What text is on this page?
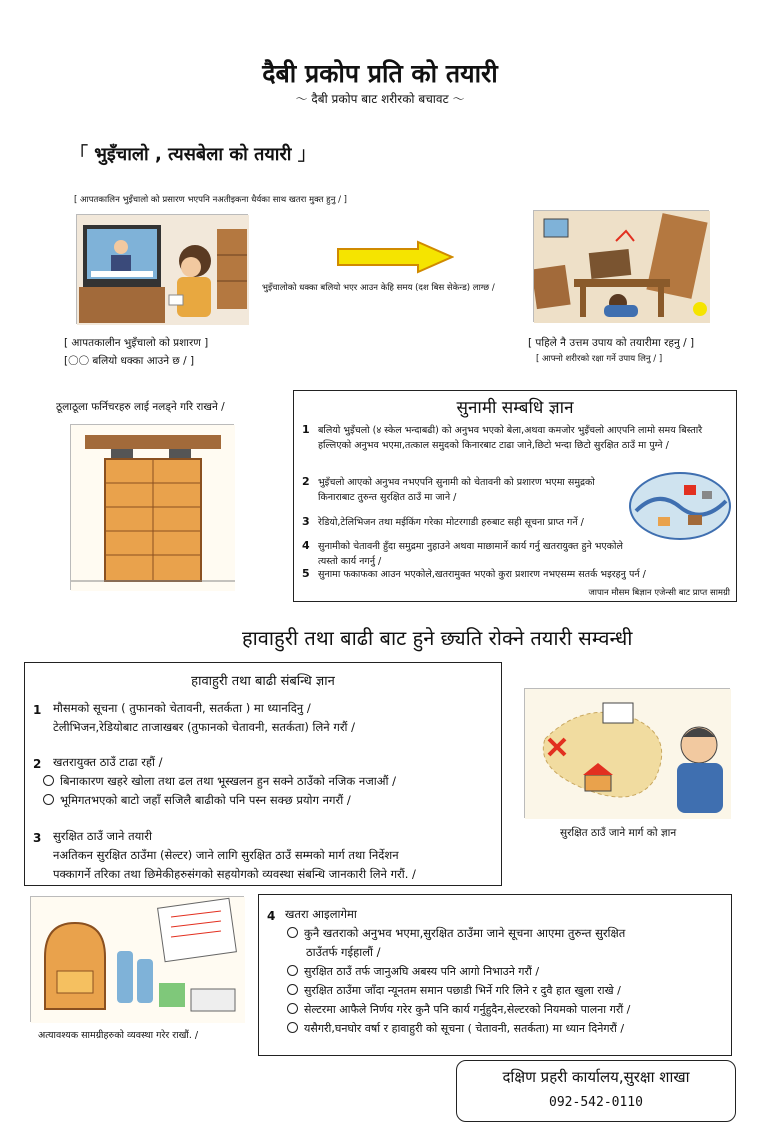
दैबी प्रकोप प्रति को तयारी
～ दैबी प्रकोप बाट शरीरको बचावट ～
「 भुइँचालो , त्यसबेला को तयारी 」
[ आपतकालिन भुइँचालो को प्रसारण भएपनि नअतीइकना धैर्यका साथ खतरा मुक्त हुनु / ]
भुइँचालोको धक्का बलियो भएर आउन केहि समय (दश बिस सेकेन्ड) लाग्छ /
[ आपतकालीन भुइँचालो को प्रशारण ]
[〇〇 बलियो धक्का आउने छ / ]
[ पहिले नै उत्तम उपाय को तयारीमा रहनु / ]
[ आफ्नो शरीरको रक्षा गर्ने उपाय लिनु / ]
ठूलाठूला फर्निचरहरु लाई नलड्ने गरि राखने /	सुनामी सम्बधि ज्ञान
1 बलियो भुइँचलो (४ स्केल भन्दाबढी) को अनुभव भएको बेला,अथवा कमजोर भुइँचलो आएपनि लामो समय बिस्तारै हल्लिएको अनुभव भएमा,तत्काल समुदको किनारबाट टाढा जाने,छिटो भन्दा छिटो सुरक्षित ठाउँ मा पुग्ने /
2 भुइँचलो आएको अनुभव नभएपनि सुनामी को चेतावनी को प्रशारण भएमा समुद्रको किनाराबाट तुरुन्त सुरक्षित ठाउँ मा जाने /
3 रेडियो,टेलिभिजन तथा मईकिंग गरेका मोटरगाडी हरुबाट सही सूचना प्राप्त गर्ने /
4 सुनामीको चेतावनी हुँदा समुद्रमा नुहाउने अथवा माछामार्ने कार्य गर्नु खतरायुक्त हुने भएकोले त्यस्तो कार्य नगर्नु /
5 सुनामा फकाफका आउन भएकोले,खतरामुक्त भएको कुरा प्रशारण नभएसम्म सतर्क भइरहनु पर्न /
जापान मौसम बिज्ञान एजेन्सी बाट प्राप्त सामग्री
हावाहुरी तथा बाढी बाट हुने छ्यति रोक्ने तयारी सम्वन्धी
हावाहुरी तथा बाढी संबन्धि ज्ञान
1 मौसमको सूचना ( तुफानको चेतावनी, सतर्कता ) मा ध्यानदिनु /
टेलीभिजन,रेडियोबाट ताजाखबर (तुफानको चेतावनी, सतर्कता) लिने गरौं /
2 खतरायुक्त ठाउँ टाढा रहौं /
बिनाकारण खहरे खोला तथा ढल तथा भूस्खलन हुन सक्ने ठाउँको नजिक नजाऔं /
भूमिगतभएको बाटो जहाँ सजिलै बाढीको पनि पस्न सक्छ प्रयोग नगरौं /
3 सुरक्षित ठाउँ जाने तयारी
नअतिकन सुरक्षित ठाउँमा (सेल्टर) जाने लागि सुरक्षित ठाउँ सम्मको मार्ग तथा निर्देशन
पक्कागर्ने तरिका तथा छिमेकीहरुसंगको सहयोगको व्यवस्था संबन्धि जानकारी लिने गरौं. /
सुरक्षित ठाउँ जाने मार्ग को ज्ञान
अत्यावश्यक सामग्रीहरुको व्यवस्था गरेर राखौं. /
4 खतरा आइलागेमा
कुनै खतराको अनुभव भएमा,सुरक्षित ठाउँमा जाने सूचना आएमा तुरुन्त सुरक्षित
ठाउँतर्फ गईहालौं /
सुरक्षित ठाउँ तर्फ जानुअघि अबस्य पनि आगो निभाउने गरौं /
सुरक्षित ठाउँमा जाँदा न्यूनतम समान पछाडी भिर्ने गरि लिने र दुवै हात खुला राखे /
सेल्टरमा आफैले निर्णय गरेर कुनै पनि कार्य गर्नुहुदैन,सेल्टरको नियमको पालना गरौं /
यसैगरी,घनघोर वर्षा र हावाहुरी को सूचना ( चेतावनी, सतर्कता) मा ध्यान दिनेगरौं /
दक्षिण प्रहरी कार्यालय,सुरक्षा शाखा
092-542-0110
